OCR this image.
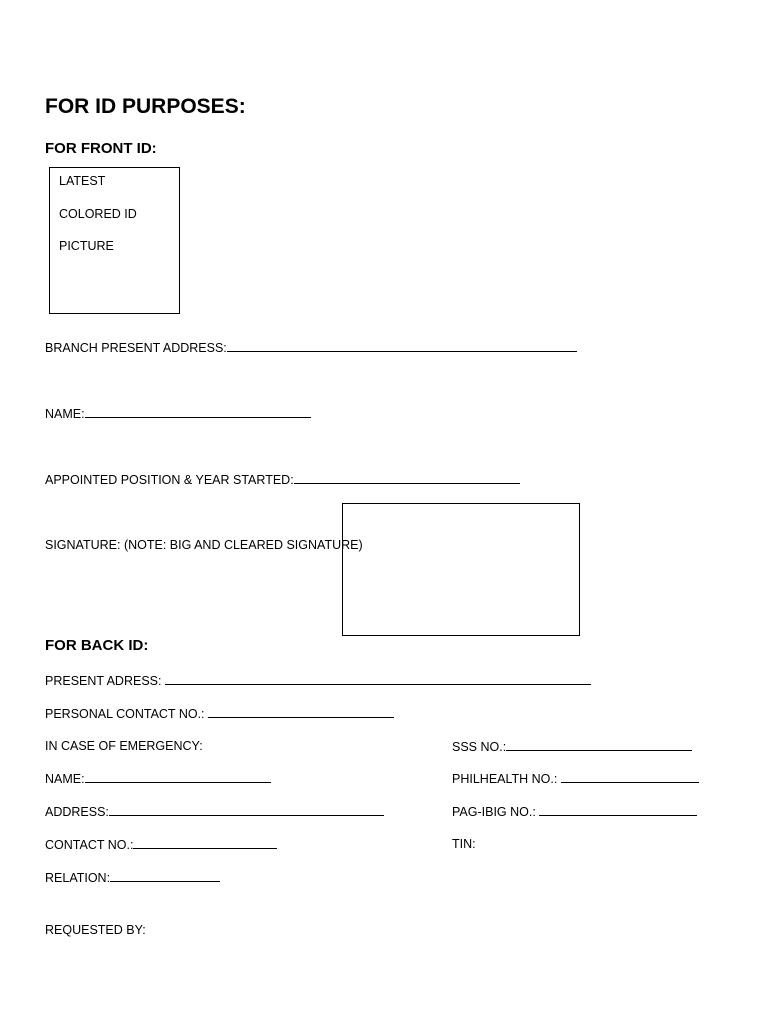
FOR ID PURPOSES:
FOR FRONT ID:
LATEST
COLORED ID
PICTURE
BRANCH PRESENT ADDRESS:
NAME:
APPOINTED POSITION & YEAR STARTED:
SIGNATURE: (NOTE: BIG AND CLEARED SIGNATURE)
FOR BACK ID:
PRESENT ADRESS:
PERSONAL CONTACT NO.:
IN CASE OF EMERGENCY:
NAME:
ADDRESS:
CONTACT NO.:
RELATION:
SSS NO.:
PHILHEALTH NO.:
PAG-IBIG NO.:
TIN:
REQUESTED BY:
